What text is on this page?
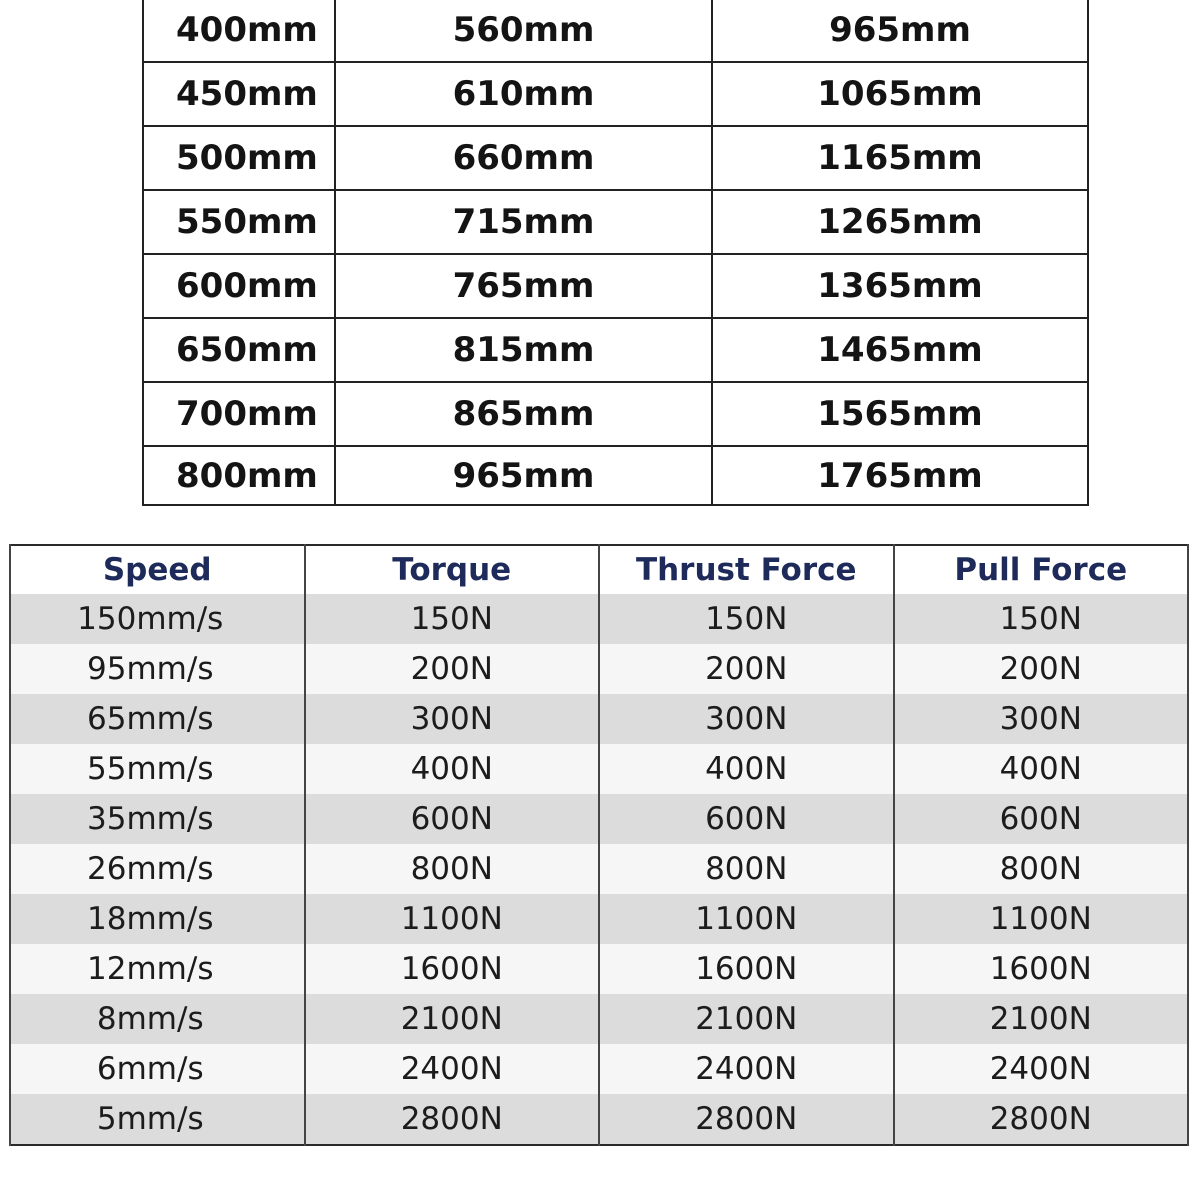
400mm	560mm	965mm
450mm	610mm	1065mm
500mm	660mm	1165mm
550mm	715mm	1265mm
600mm	765mm	1365mm
650mm	815mm	1465mm
700mm	865mm	1565mm
800mm	965mm	1765mm
Speed	Torque	Thrust Force	Pull Force
150mm/s	150N	150N	150N
95mm/s	200N	200N	200N
65mm/s	300N	300N	300N
55mm/s	400N	400N	400N
35mm/s	600N	600N	600N
26mm/s	800N	800N	800N
18mm/s	1100N	1100N	1100N
12mm/s	1600N	1600N	1600N
8mm/s	2100N	2100N	2100N
6mm/s	2400N	2400N	2400N
5mm/s	2800N	2800N	2800N
